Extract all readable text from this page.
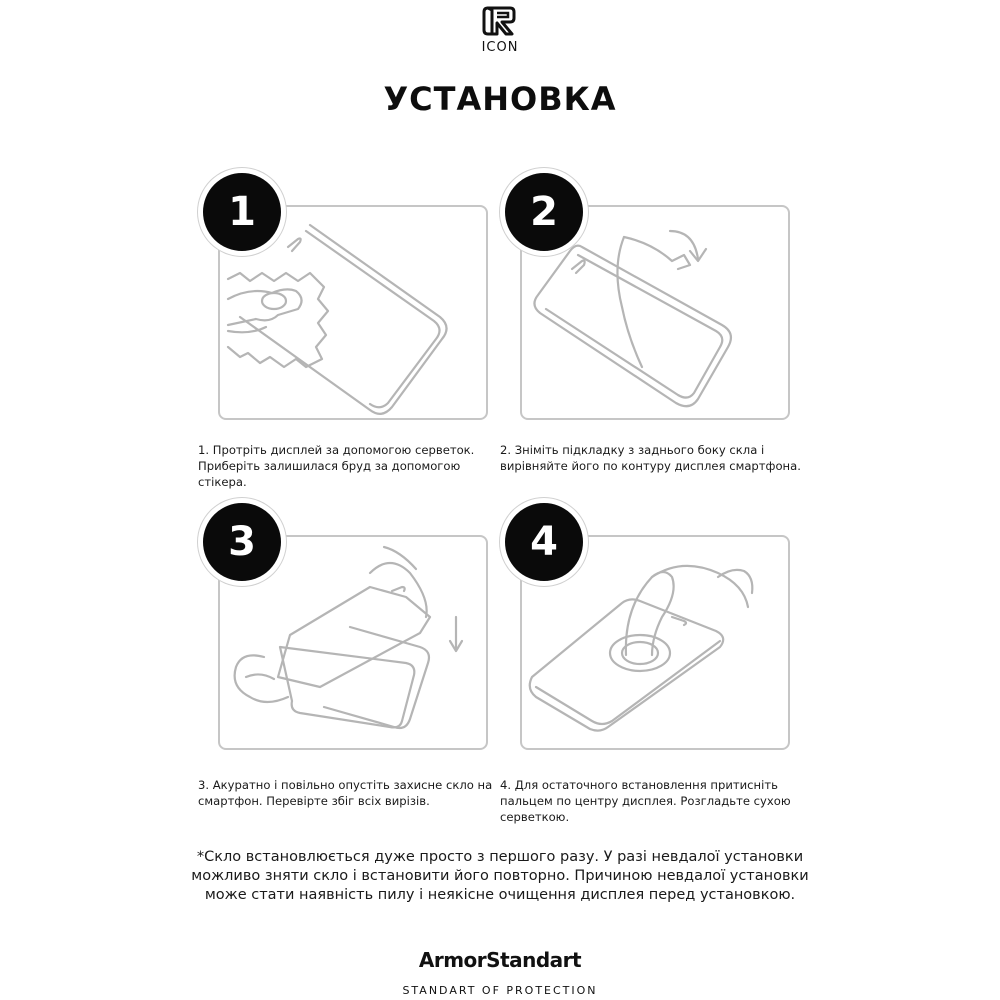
ICON
УСТАНОВКА
1
1. Протріть дисплей за допомогою серветок.
Приберіть залишилася бруд за допомогою
стікера.
2
2. Зніміть підкладку з заднього боку скла і
вирівняйте його по контуру дисплея смартфона.
3
3. Акуратно і повільно опустіть захисне скло на
смартфон. Перевірте збіг всіх вирізів.
4
4. Для остаточного встановлення притисніть
пальцем по центру дисплея. Розгладьте сухою
серветкою.
*Скло встановлюється дуже просто з першого разу. У разі невдалої установки
можливо зняти скло і встановити його повторно. Причиною невдалої установки
може стати наявність пилу і неякісне очищення дисплея перед установкою.
ArmorStandart
STANDART OF PROTECTION
